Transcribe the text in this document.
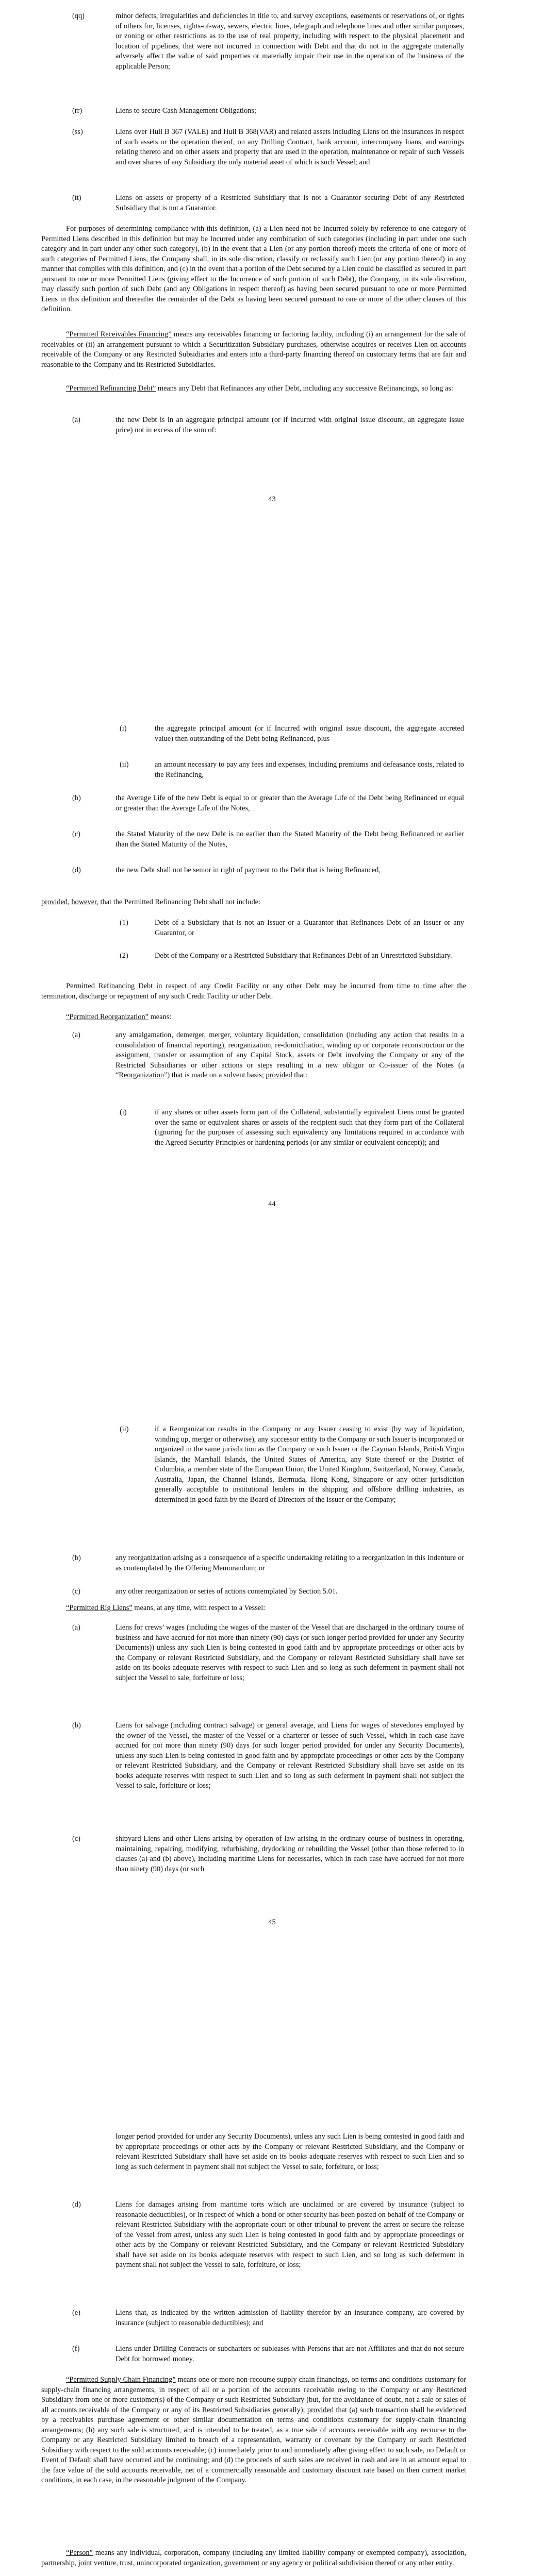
(qq)	minor defects, irregularities and deficiencies in title to, and survey exceptions, easements or reservations of, or rights of others for, licenses, rights-of-way, sewers, electric lines, telegraph and telephone lines and other similar purposes, or zoning or other restrictions as to the use of real property, including with respect to the physical placement and location of pipelines, that were not incurred in connection with Debt and that do not in the aggregate materially adversely affect the value of said properties or materially impair their use in the operation of the business of the applicable Person;

(rr)	Liens to secure Cash Management Obligations;

(ss)	Liens over Hull B 367 (VALE) and Hull B 368(VAR) and related assets including Liens on the insurances in respect of such assets or the operation thereof, on any Drilling Contract, bank account, intercompany loans, and earnings relating thereto and on other assets and property that are used in the operation, maintenance or repair of such Vessels and over shares of any Subsidiary the only material asset of which is such Vessel; and

(tt)	Liens on assets or property of a Restricted Subsidiary that is not a Guarantor securing Debt of any Restricted Subsidiary that is not a Guarantor.

For purposes of determining compliance with this definition, (a) a Lien need not be Incurred solely by reference to one category of Permitted Liens described in this definition but may be Incurred under any combination of such categories (including in part under one such category and in part under any other such category), (b) in the event that a Lien (or any portion thereof) meets the criteria of one or more of such categories of Permitted Liens, the Company shall, in its sole discretion, classify or reclassify such Lien (or any portion thereof) in any manner that complies with this definition, and (c) in the event that a portion of the Debt secured by a Lien could be classified as secured in part pursuant to one or more Permitted Liens (giving effect to the Incurrence of such portion of such Debt), the Company, in its sole discretion, may classify such portion of such Debt (and any Obligations in respect thereof) as having been secured pursuant to one or more Permitted Liens in this definition and thereafter the remainder of the Debt as having been secured pursuant to one or more of the other clauses of this definition.

“Permitted Receivables Financing” means any receivables financing or factoring facility, including (i) an arrangement for the sale of receivables or (ii) an arrangement pursuant to which a Securitization Subsidiary purchases, otherwise acquires or receives Lien on accounts receivable of the Company or any Restricted Subsidiaries and enters into a third-party financing thereof on customary terms that are fair and reasonable to the Company and its Restricted Subsidiaries.

“Permitted Refinancing Debt” means any Debt that Refinances any other Debt, including any successive Refinancings, so long as:

(a)	the new Debt is in an aggregate principal amount (or if Incurred with original issue discount, an aggregate issue price) not in excess of the sum of:

43

(i)	the aggregate principal amount (or if Incurred with original issue discount, the aggregate accreted value) then outstanding of the Debt being Refinanced, plus

(ii)	an amount necessary to pay any fees and expenses, including premiums and defeasance costs, related to the Refinancing,

(b)	the Average Life of the new Debt is equal to or greater than the Average Life of the Debt being Refinanced or equal or greater than the Average Life of the Notes,

(c)	the Stated Maturity of the new Debt is no earlier than the Stated Maturity of the Debt being Refinanced or earlier than the Stated Maturity of the Notes,

(d)	the new Debt shall not be senior in right of payment to the Debt that is being Refinanced,

provided, however, that the Permitted Refinancing Debt shall not include:

(1)	Debt of a Subsidiary that is not an Issuer or a Guarantor that Refinances Debt of an Issuer or any Guarantor, or

(2)	Debt of the Company or a Restricted Subsidiary that Refinances Debt of an Unrestricted Subsidiary.

Permitted Refinancing Debt in respect of any Credit Facility or any other Debt may be incurred from time to time after the termination, discharge or repayment of any such Credit Facility or other Debt.

“Permitted Reorganization” means:

(a)	any amalgamation, demerger, merger, voluntary liquidation, consolidation (including any action that results in a consolidation of financial reporting), reorganization, re-domiciliation, winding up or corporate reconstruction or the assignment, transfer or assumption of any Capital Stock, assets or Debt involving the Company or any of the Restricted Subsidiaries or other actions or steps resulting in a new obligor or Co-issuer of the Notes (a “Reorganization”) that is made on a solvent basis; provided that:

(i)	if any shares or other assets form part of the Collateral, substantially equivalent Liens must be granted over the same or equivalent shares or assets of the recipient such that they form part of the Collateral (ignoring for the purposes of assessing such equivalency any limitations required in accordance with the Agreed Security Principles or hardening periods (or any similar or equivalent concept)); and

44

(ii)	if a Reorganization results in the Company or any Issuer ceasing to exist (by way of liquidation, winding up, merger or otherwise), any successor entity to the Company or such Issuer is incorporated or organized in the same jurisdiction as the Company or such Issuer or the Cayman Islands, British Virgin Islands, the Marshall Islands, the United States of America, any State thereof or the District of Columbia, a member state of the European Union, the United Kingdom, Switzerland, Norway, Canada, Australia, Japan, the Channel Islands, Bermuda, Hong Kong, Singapore or any other jurisdiction generally acceptable to institutional lenders in the shipping and offshore drilling industries, as determined in good faith by the Board of Directors of the Issuer or the Company;

(b)	any reorganization arising as a consequence of a specific undertaking relating to a reorganization in this Indenture or as contemplated by the Offering Memorandum; or

(c)	any other reorganization or series of actions contemplated by Section 5.01.

“Permitted Rig Liens” means, at any time, with respect to a Vessel:

(a)	Liens for crews’ wages (including the wages of the master of the Vessel that are discharged in the ordinary course of business and have accrued for not more than ninety (90) days (or such longer period provided for under any Security Documents)) unless any such Lien is being contested in good faith and by appropriate proceedings or other acts by the Company or relevant Restricted Subsidiary, and the Company or relevant Restricted Subsidiary shall have set aside on its books adequate reserves with respect to such Lien and so long as such deferment in payment shall not subject the Vessel to sale, forfeiture or loss;

(b)	Liens for salvage (including contract salvage) or general average, and Liens for wages of stevedores employed by the owner of the Vessel, the master of the Vessel or a charterer or lessee of such Vessel, which in each case have accrued for not more than ninety (90) days (or such longer period provided for under any Security Documents), unless any such Lien is being contested in good faith and by appropriate proceedings or other acts by the Company or relevant Restricted Subsidiary, and the Company or relevant Restricted Subsidiary shall have set aside on its books adequate reserves with respect to such Lien and so long as such deferment in payment shall not subject the Vessel to sale, forfeiture or loss;

(c)	shipyard Liens and other Liens arising by operation of law arising in the ordinary course of business in operating, maintaining, repairing, modifying, refurbishing, drydocking or rebuilding the Vessel (other than those referred to in clauses (a) and (b) above), including maritime Liens for necessaries, which in each case have accrued for not more than ninety (90) days (or such

45

longer period provided for under any Security Documents), unless any such Lien is being contested in good faith and by appropriate proceedings or other acts by the Company or relevant Restricted Subsidiary, and the Company or relevant Restricted Subsidiary shall have set aside on its books adequate reserves with respect to such Lien and so long as such deferment in payment shall not subject the Vessel to sale, forfeiture, or loss;

(d)	Liens for damages arising from maritime torts which are unclaimed or are covered by insurance (subject to reasonable deductibles), or in respect of which a bond or other security has been posted on behalf of the Company or relevant Restricted Subsidiary with the appropriate court or other tribunal to prevent the arrest or secure the release of the Vessel from arrest, unless any such Lien is being contested in good faith and by appropriate proceedings or other acts by the Company or relevant Restricted Subsidiary, and the Company or relevant Restricted Subsidiary shall have set aside on its books adequate reserves with respect to such Lien, and so long as such deferment in payment shall not subject the Vessel to sale, forfeiture, or loss;

(e)	Liens that, as indicated by the written admission of liability therefor by an insurance company, are covered by insurance (subject to reasonable deductibles); and

(f)	Liens under Drilling Contracts or subcharters or subleases with Persons that are not Affiliates and that do not secure Debt for borrowed money.

“Permitted Supply Chain Financing” means one or more non-recourse supply chain financings, on terms and conditions customary for supply-chain financing arrangements, in respect of all or a portion of the accounts receivable owing to the Company or any Restricted Subsidiary from one or more customer(s) of the Company or such Restricted Subsidiary (but, for the avoidance of doubt, not a sale or sales of all accounts receivable of the Company or any of its Restricted Subsidiaries generally); provided that (a) such transaction shall be evidenced by a receivables purchase agreement or other similar documentation on terms and conditions customary for supply-chain financing arrangements; (b) any such sale is structured, and is intended to be treated, as a true sale of accounts receivable with any recourse to the Company or any Restricted Subsidiary limited to breach of a representation, warranty or covenant by the Company or such Restricted Subsidiary with respect to the sold accounts receivable; (c) immediately prior to and immediately after giving effect to such sale, no Default or Event of Default shall have occurred and be continuing; and (d) the proceeds of such sales are received in cash and are in an amount equal to the face value of the sold accounts receivable, net of a commercially reasonable and customary discount rate based on then current market conditions, in each case, in the reasonable judgment of the Company.

“Person” means any individual, corporation, company (including any limited liability company or exempted company), association, partnership, joint venture, trust, unincorporated organization, government or any agency or political subdivision thereof or any other entity.
